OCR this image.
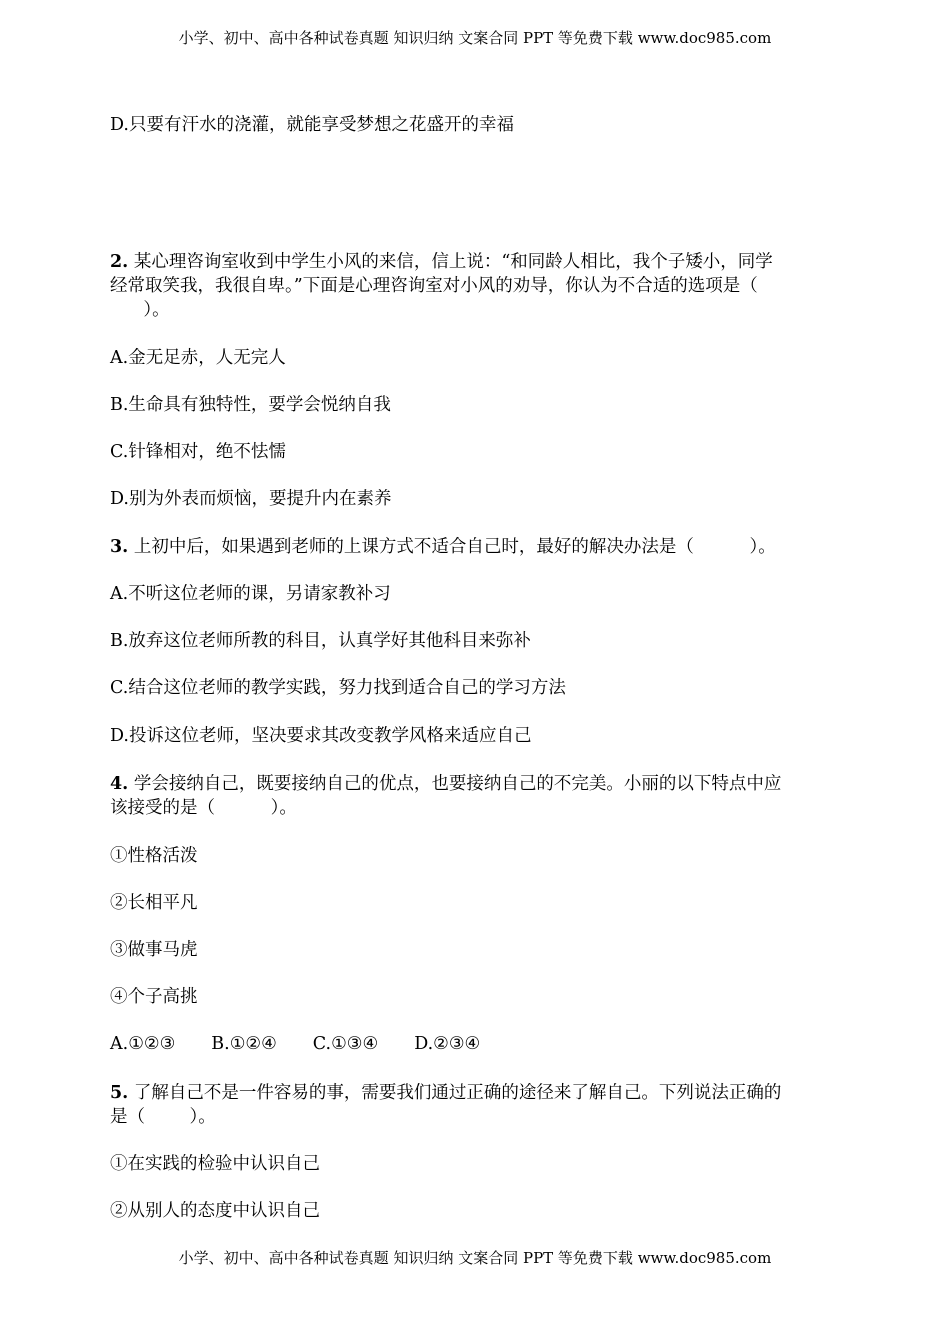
小学、初中、高中各种试卷真题 知识归纳 文案合同 PPT 等免费下载 www.doc985.com
D.只要有汗水的浇灌，就能享受梦想之花盛开的幸福
2. 某心理咨询室收到中学生小风的来信，信上说：“和同龄人相比，我个子矮小，同学
经常取笑我，我很自卑。”下面是心理咨询室对小风的劝导，你认为不合适的选项是（
）。
A.金无足赤，人无完人
B.生命具有独特性，要学会悦纳自我
C.针锋相对，绝不怯懦
D.别为外表而烦恼，要提升内在素养
3. 上初中后，如果遇到老师的上课方式不适合自己时，最好的解决办法是（          ）。
A.不听这位老师的课，另请家教补习
B.放弃这位老师所教的科目，认真学好其他科目来弥补
C.结合这位老师的教学实践，努力找到适合自己的学习方法
D.投诉这位老师，坚决要求其改变教学风格来适应自己
4. 学会接纳自己，既要接纳自己的优点，也要接纳自己的不完美。小丽的以下特点中应
该接受的是（          ）。
①性格活泼
②长相平凡
③做事马虎
④个子高挑
A.①②③ B.①②④ C.①③④ D.②③④
5. 了解自己不是一件容易的事，需要我们通过正确的途径来了解自己。下列说法正确的
是（        ）。
①在实践的检验中认识自己
②从别人的态度中认识自己
小学、初中、高中各种试卷真题 知识归纳 文案合同 PPT 等免费下载 www.doc985.com
